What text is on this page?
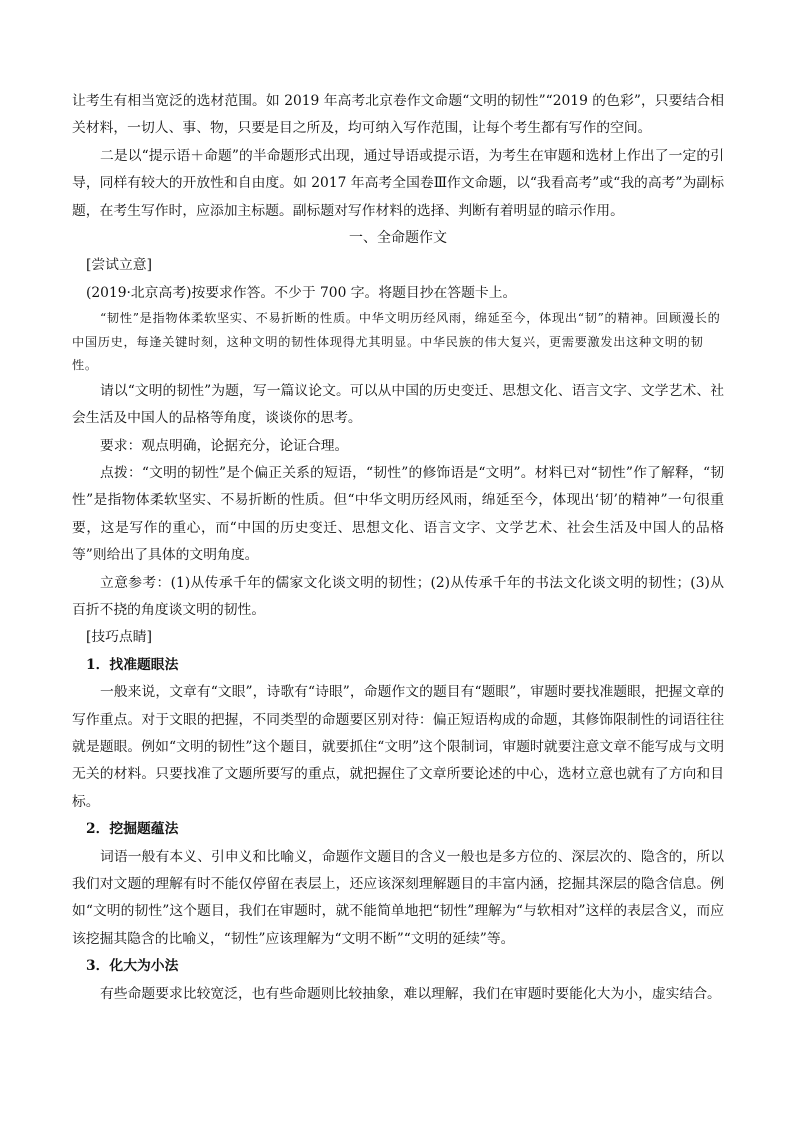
让考生有相当宽泛的选材范围。如 2019 年高考北京卷作文命题“文明的韧性”“2019 的色彩”，只要结合相关材料，一切人、事、物，只要是目之所及，均可纳入写作范围，让每个考生都有写作的空间。

二是以“提示语＋命题”的半命题形式出现，通过导语或提示语，为考生在审题和选材上作出了一定的引导，同样有较大的开放性和自由度。如 2017 年高考全国卷Ⅲ作文命题，以“我看高考”或“我的高考”为副标题，在考生写作时，应添加主标题。副标题对写作材料的选择、判断有着明显的暗示作用。

一、全命题作文

[尝试立意]

(2019·北京高考)按要求作答。不少于 700 字。将题目抄在答题卡上。

“韧性”是指物体柔软坚实、不易折断的性质。中华文明历经风雨，绵延至今，体现出“韧”的精神。回顾漫长的中国历史，每逢关键时刻，这种文明的韧性体现得尤其明显。中华民族的伟大复兴，更需要激发出这种文明的韧性。

请以“文明的韧性”为题，写一篇议论文。可以从中国的历史变迁、思想文化、语言文字、文学艺术、社会生活及中国人的品格等角度，谈谈你的思考。

要求：观点明确，论据充分，论证合理。

点拨：“文明的韧性”是个偏正关系的短语，“韧性”的修饰语是“文明”。材料已对“韧性”作了解释，“韧性”是指物体柔软坚实、不易折断的性质。但“中华文明历经风雨，绵延至今，体现出‘韧’的精神”一句很重要，这是写作的重心，而“中国的历史变迁、思想文化、语言文字、文学艺术、社会生活及中国人的品格等”则给出了具体的文明角度。

立意参考：(1)从传承千年的儒家文化谈文明的韧性；(2)从传承千年的书法文化谈文明的韧性；(3)从百折不挠的角度谈文明的韧性。

[技巧点睛]

1．找准题眼法

一般来说，文章有“文眼”，诗歌有“诗眼”，命题作文的题目有“题眼”，审题时要找准题眼，把握文章的写作重点。对于文眼的把握，不同类型的命题要区别对待：偏正短语构成的命题，其修饰限制性的词语往往就是题眼。例如“文明的韧性”这个题目，就要抓住“文明”这个限制词，审题时就要注意文章不能写成与文明无关的材料。只要找准了文题所要写的重点，就把握住了文章所要论述的中心，选材立意也就有了方向和目标。

2．挖掘题蕴法

词语一般有本义、引申义和比喻义，命题作文题目的含义一般也是多方位的、深层次的、隐含的，所以我们对文题的理解有时不能仅停留在表层上，还应该深刻理解题目的丰富内涵，挖掘其深层的隐含信息。例如“文明的韧性”这个题目，我们在审题时，就不能简单地把“韧性”理解为“与软相对”这样的表层含义，而应该挖掘其隐含的比喻义，“韧性”应该理解为“文明不断”“文明的延续”等。

3．化大为小法

有些命题要求比较宽泛，也有些命题则比较抽象，难以理解，我们在审题时要能化大为小，虚实结合。
